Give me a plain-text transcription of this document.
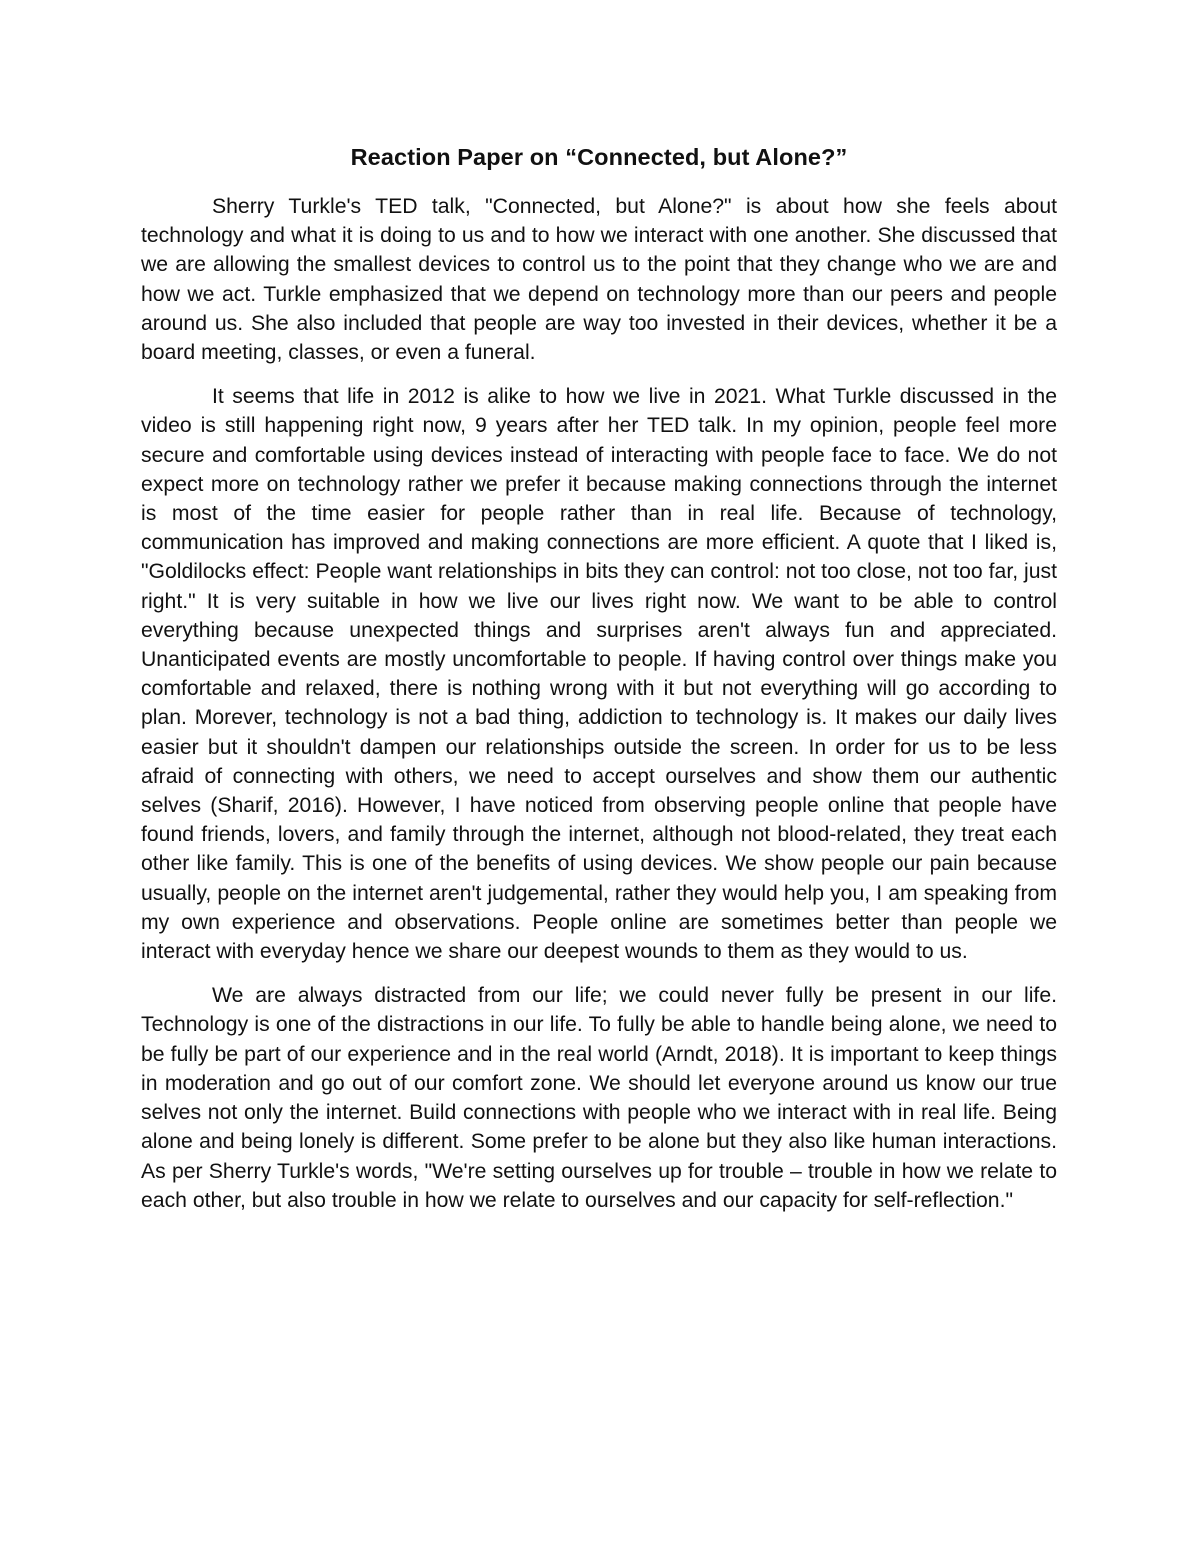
Reaction Paper on “Connected, but Alone?”

Sherry Turkle's TED talk, "Connected, but Alone?" is about how she feels about technology and what it is doing to us and to how we interact with one another. She discussed that we are allowing the smallest devices to control us to the point that they change who we are and how we act. Turkle emphasized that we depend on technology more than our peers and people around us. She also included that people are way too invested in their devices, whether it be a board meeting, classes, or even a funeral.

It seems that life in 2012 is alike to how we live in 2021. What Turkle discussed in the video is still happening right now, 9 years after her TED talk. In my opinion, people feel more secure and comfortable using devices instead of interacting with people face to face. We do not expect more on technology rather we prefer it because making connections through the internet is most of the time easier for people rather than in real life. Because of technology, communication has improved and making connections are more efficient. A quote that I liked is, "Goldilocks effect: People want relationships in bits they can control: not too close, not too far, just right." It is very suitable in how we live our lives right now. We want to be able to control everything because unexpected things and surprises aren't always fun and appreciated. Unanticipated events are mostly uncomfortable to people. If having control over things make you comfortable and relaxed, there is nothing wrong with it but not everything will go according to plan. Morever, technology is not a bad thing, addiction to technology is. It makes our daily lives easier but it shouldn't dampen our relationships outside the screen. In order for us to be less afraid of connecting with others, we need to accept ourselves and show them our authentic selves (Sharif, 2016). However, I have noticed from observing people online that people have found friends, lovers, and family through the internet, although not blood-related, they treat each other like family. This is one of the benefits of using devices. We show people our pain because usually, people on the internet aren't judgemental, rather they would help you, I am speaking from my own experience and observations. People online are sometimes better than people we interact with everyday hence we share our deepest wounds to them as they would to us.

We are always distracted from our life; we could never fully be present in our life. Technology is one of the distractions in our life. To fully be able to handle being alone, we need to be fully be part of our experience and in the real world (Arndt, 2018). It is important to keep things in moderation and go out of our comfort zone. We should let everyone around us know our true selves not only the internet. Build connections with people who we interact with in real life. Being alone and being lonely is different. Some prefer to be alone but they also like human interactions. As per Sherry Turkle's words, "We're setting ourselves up for trouble – trouble in how we relate to each other, but also trouble in how we relate to ourselves and our capacity for self-reflection."
